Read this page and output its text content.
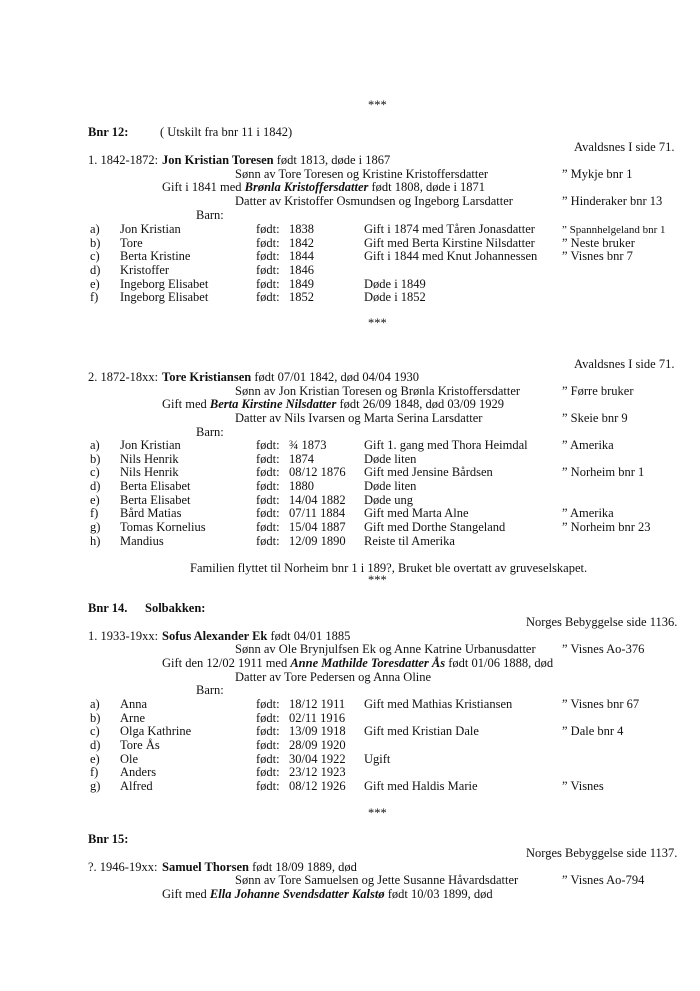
***
Bnr 12:	( Utskilt fra bnr 11 i 1842)
Avaldsnes I side 71.
1. 1842-1872: Jon Kristian Toresen født 1813, døde i 1867
Sønn av Tore Toresen og Kristine Kristoffersdatter	” Mykje bnr 1
Gift i 1841 med Brønla Kristoffersdatter født 1808, døde i 1871
Datter av Kristoffer Osmundsen og Ingeborg Larsdatter	” Hinderaker bnr 13
Barn:
a) Jon Kristian	født: 1838	Gift i 1874 med Tåren Jonasdatter ” Spannhelgeland bnr 1
b) Tore	født: 1842	Gift med Berta Kirstine Nilsdatter ” Neste bruker
c) Berta Kristine	født: 1844	Gift i 1844 med Knut Johannessen ” Visnes bnr 7
d) Kristoffer	født: 1846
e) Ingeborg Elisabet	født: 1849	Døde i 1849
f) Ingeborg Elisabet	født: 1852	Døde i 1852
***
Avaldsnes I side 71.
2. 1872-18xx: Tore Kristiansen født 07/01 1842, død 04/04 1930
Sønn av Jon Kristian Toresen og Brønla Kristoffersdatter	” Førre bruker
Gift med Berta Kirstine Nilsdatter født 26/09 1848, død 03/09 1929
Datter av Nils Ivarsen og Marta Serina Larsdatter	” Skeie bnr 9
Barn:
a) Jon Kristian	født: ¾ 1873	Gift 1. gang med Thora Heimdal	” Amerika
b) Nils Henrik	født: 1874	Døde liten
c) Nils Henrik	født: 08/12 1876 Gift med Jensine Bårdsen	” Norheim bnr 1
d) Berta Elisabet	født: 1880	Døde liten
e) Berta Elisabet	født: 14/04 1882 Døde ung
f) Bård Matias	født: 07/11 1884 Gift med Marta Alne	” Amerika
g) Tomas Kornelius	født: 15/04 1887 Gift med Dorthe Stangeland	” Norheim bnr 23
h) Mandius	født: 12/09 1890 Reiste til Amerika
Familien flyttet til Norheim bnr 1 i 189?, Bruket ble overtatt av gruveselskapet.
***
Bnr 14. Solbakken:
Norges Bebyggelse side 1136.
1. 1933-19xx: Sofus Alexander Ek født 04/01 1885
Sønn av Ole Brynjulfsen Ek og Anne Katrine Urbanusdatter ” Visnes Ao-376
Gift den 12/02 1911 med Anne Mathilde Toresdatter Ås født 01/06 1888, død
Datter av Tore Pedersen og Anna Oline
Barn:
a) Anna	født: 18/12 1911 Gift med Mathias Kristiansen	” Visnes bnr 67
b) Arne	født: 02/11 1916
c) Olga Kathrine	født: 13/09 1918 Gift med Kristian Dale	” Dale bnr 4
d) Tore Ås	født: 28/09 1920
e) Ole	født: 30/04 1922 Ugift
f) Anders	født: 23/12 1923
g) Alfred	født: 08/12 1926 Gift med Haldis Marie	” Visnes
***
Bnr 15:
Norges Bebyggelse side 1137.
?. 1946-19xx: Samuel Thorsen født 18/09 1889, død
Sønn av Tore Samuelsen og Jette Susanne Håvardsdatter	” Visnes Ao-794
Gift med Ella Johanne Svendsdatter Kalstø født 10/03 1899, død
